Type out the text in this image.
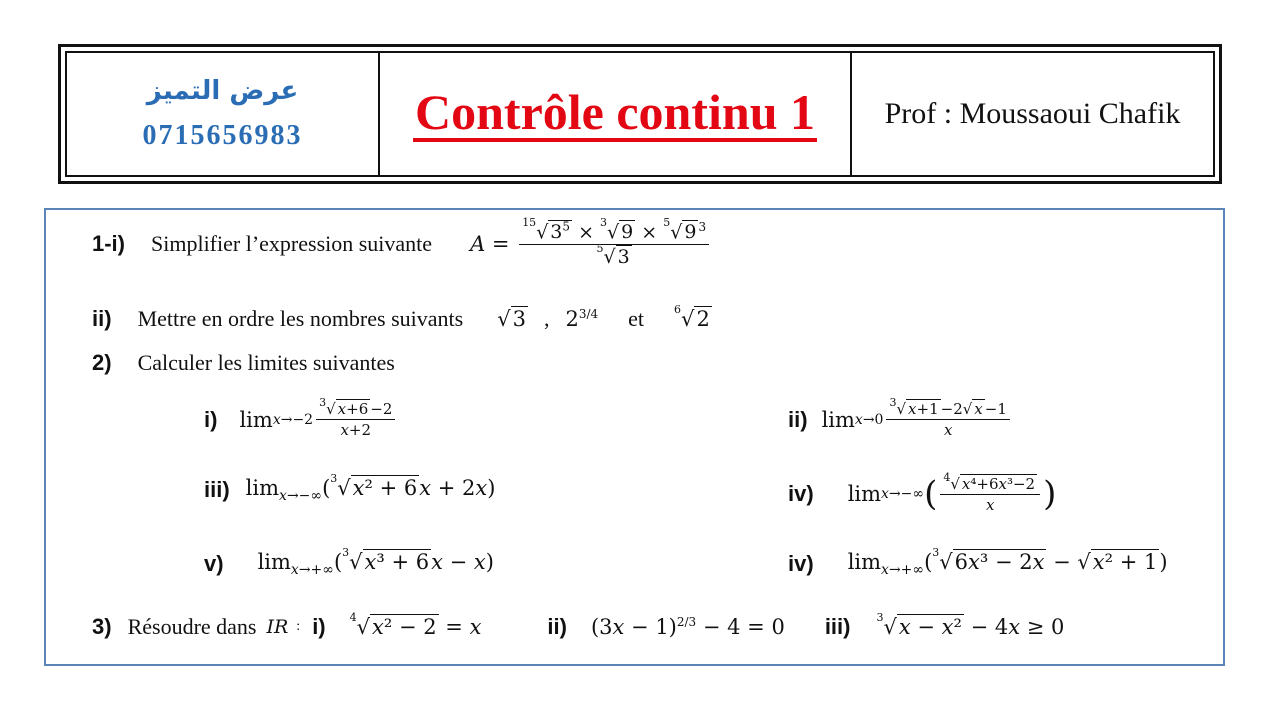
عرض التميز
0715656983 Contrôle continu 1 Prof : Moussaoui Chafik
1-i) Simplifier l’expression suivante $A = \frac{^{15}√ 3^5 \times ^3√ 9 \times ^5√ 9 ^3}{^5√ 3}$
ii) Mettre en ordre les nombres suivants √3 , $2^{3/4}$ et	$^6$√2
2) Calculer les limites suivantes
i) $\lim x\to-2 \frac{^3√ x+6 -2}{x+2}$	ii) $\lim x\to 0 \frac{^3√ x+1 -2√ x -1}{x}$
iii) $\lim_{x\to-\infty}(^3√x^2 + 6x + 2x)$	iv) lim x→−∞ ( $\frac{^4√ x^4+6x^3-2}{x}$ )
v) $\lim_{x\to+\infty}(^3√x^3 + 6x - x)$	iv) $\lim_{x\to+\infty}(^3√6x^3 - 2x - √x^2 + 1)$
3) Résoudre dans IR : i) $^4$√x² − 2 = x	ii) $(3x - 1)^{2/3} - 4 = 0$ iii) $^3$√x − x² − 4x ≥ 0
